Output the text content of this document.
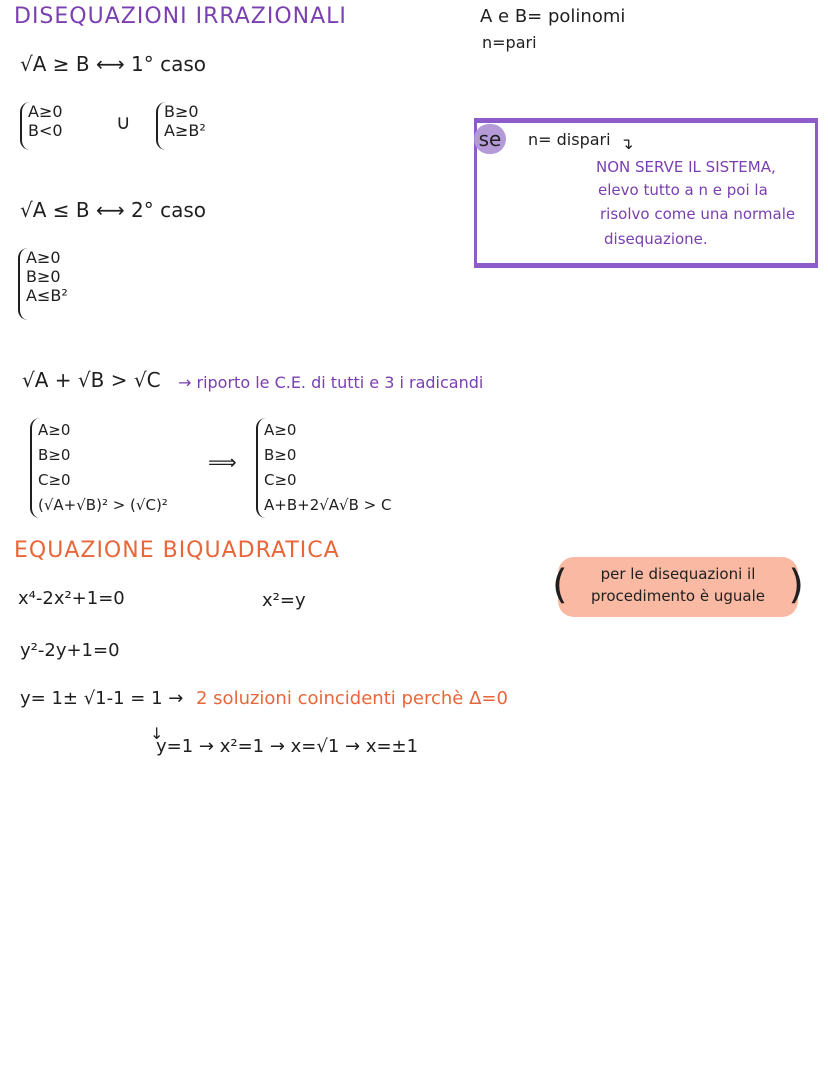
DISEQUAZIONI IRRAZIONALI	A e B= polinomi
n=pari
√A ≥ B ⟷ 1° caso
A≥0
B<0	∪ B≥0
A≥B²
√A ≤ B ⟷ 2° caso
A≥0
B≥0
A≤B²
se n= dispari ↴
NON SERVE IL SISTEMA,
elevo tutto a n e poi la
risolvo come una normale
disequazione.
√A + √B > √C → riporto le C.E. di tutti e 3 i radicandi
A≥0
B≥0
C≥0
(√A+√B)² > (√C)²
⟹
A≥0
B≥0
C≥0
A+B+2√A√B > C
EQUAZIONE BIQUADRATICA
x⁴-2x²+1=0	x²=y	(	per le disequazioni il
procedimento è uguale )
y²-2y+1=0
y= 1± √1-1 = 1 → 2 soluzioni coincidenti perchè Δ=0
↓
y=1 → x²=1 → x=√1 → x=±1
